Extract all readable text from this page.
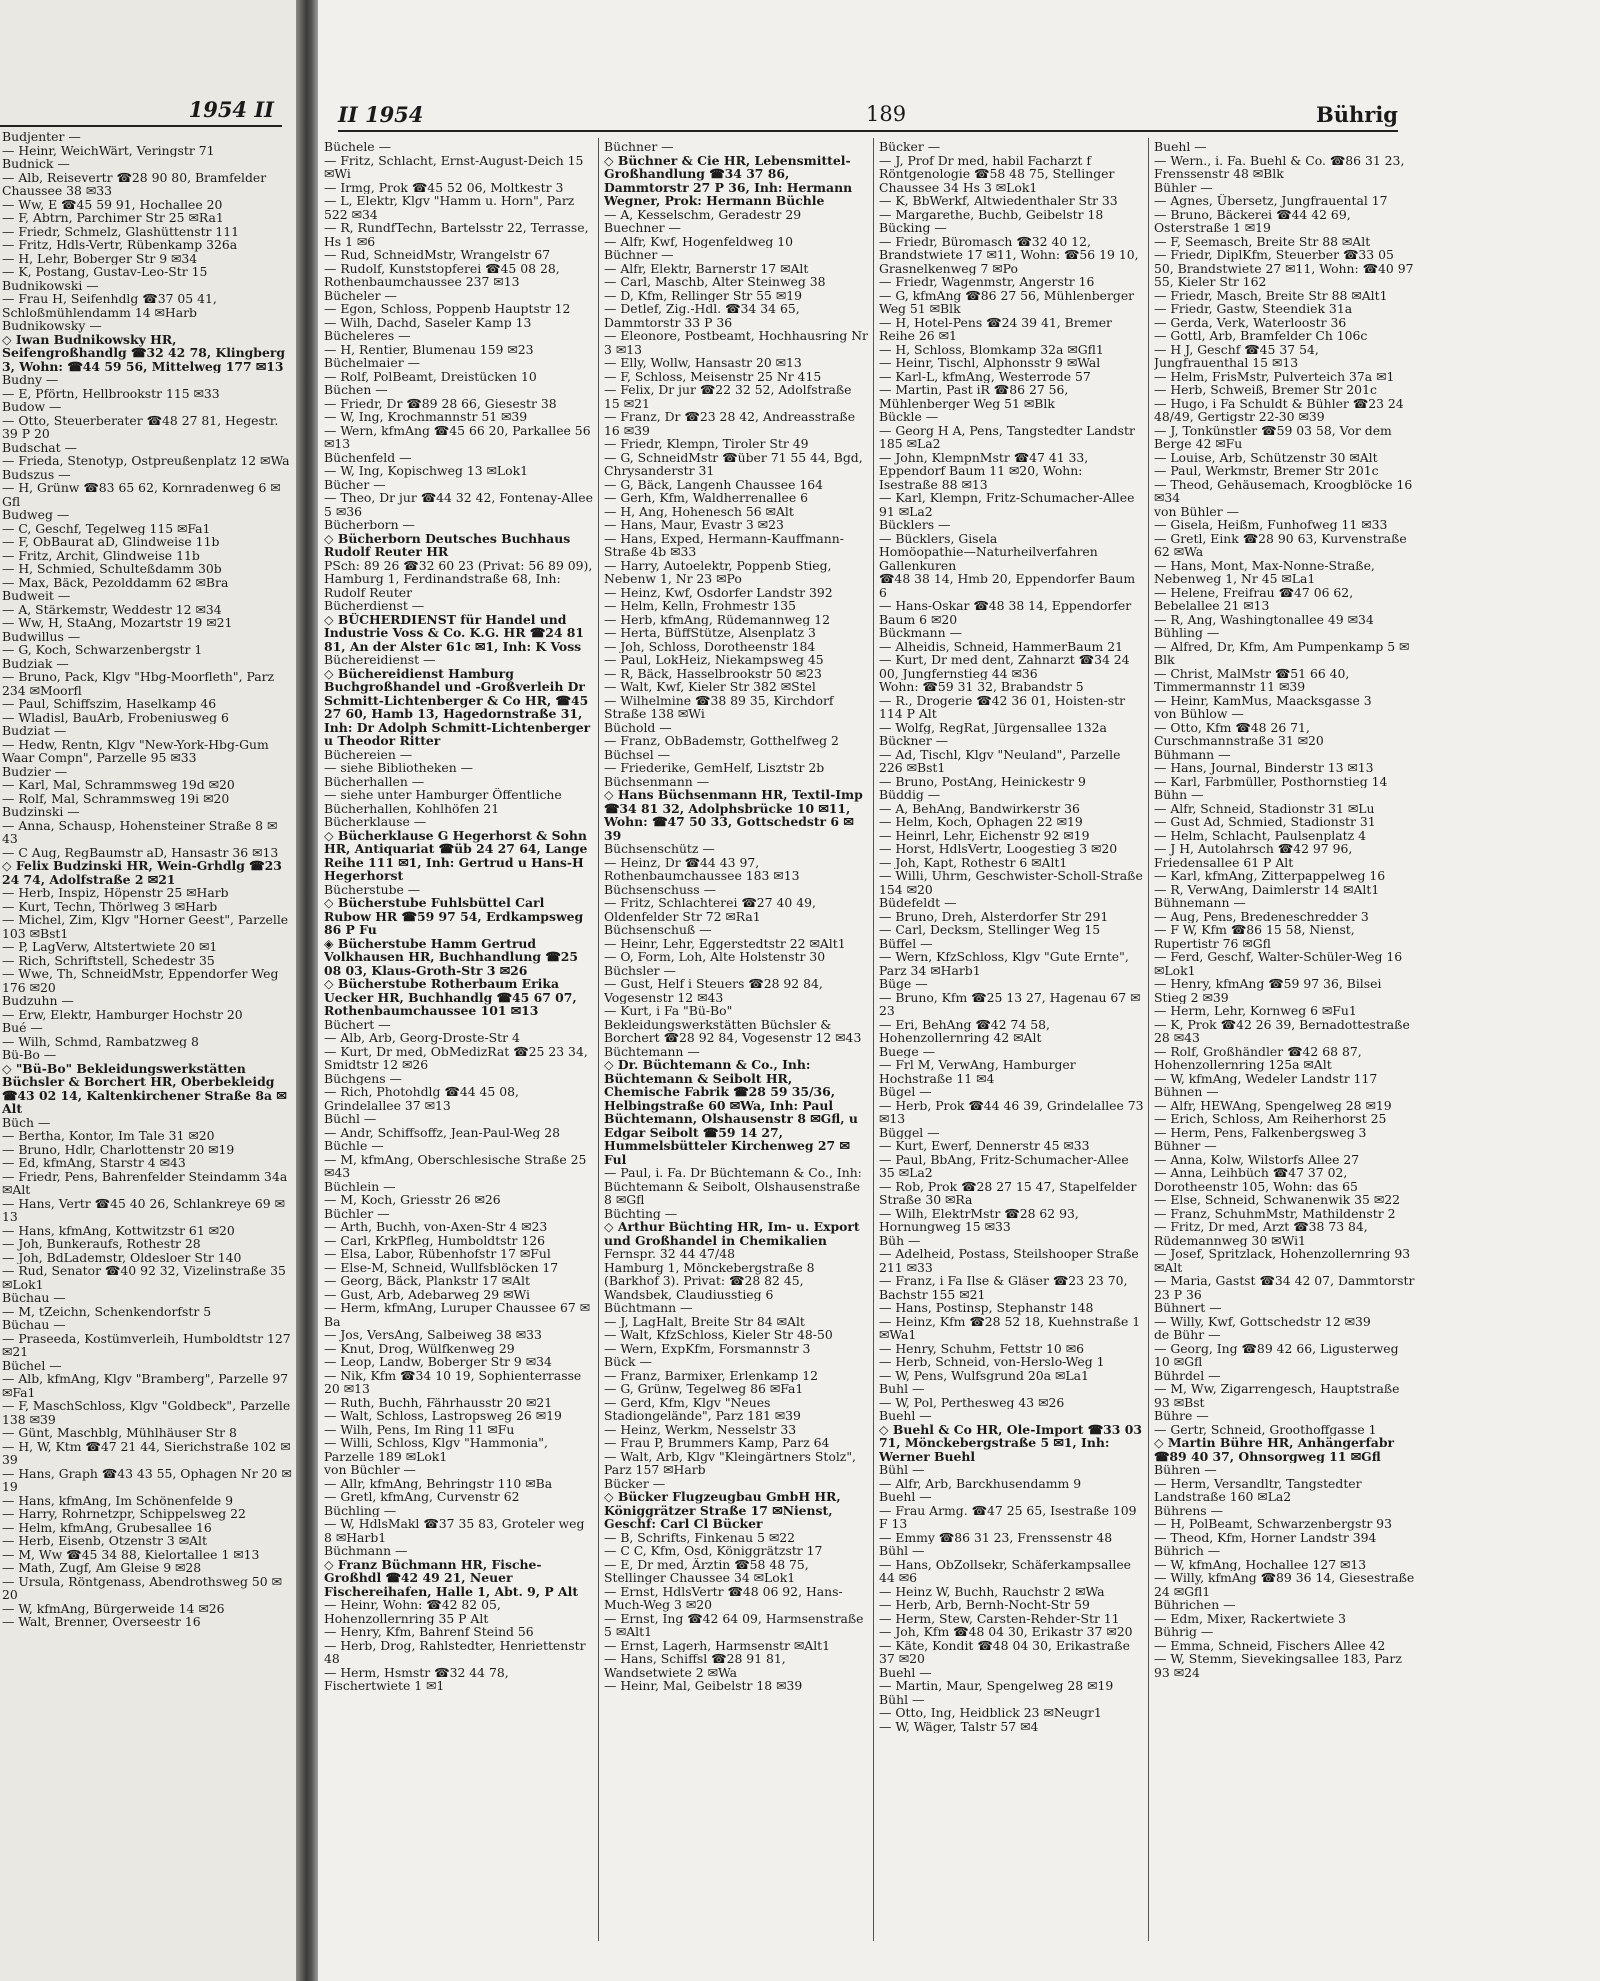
1954 II
Budjenter —
— Heinr, WeichWärt, Veringstr 71
Budnick —
— Alb, Reisevertr ☎28 90 80, Bramfelder Chaussee 38 ✉33
— Ww, E ☎45 59 91, Hochallee 20
— F, Abtrn, Parchimer Str 25 ✉Ra1
— Friedr, Schmelz, Glashüttenstr 111
— Fritz, Hdls-Vertr, Rübenkamp 326a
— H, Lehr, Boberger Str 9 ✉34
— K, Postang, Gustav-Leo-Str 15
Budnikowski —
— Frau H, Seifenhdlg ☎37 05 41, Schloßmühlendamm 14 ✉Harb
Budnikowsky —
◇ Iwan Budnikowsky HR, Seifengroßhandlg ☎32 42 78, Klingberg 3, Wohn: ☎44 59 56, Mittelweg 177 ✉13
Budny —
— E, Pförtn, Hellbrookstr 115 ✉33
Budow —
— Otto, Steuerberater ☎48 27 81, Hegestr. 39 P 20
Budschat —
— Frieda, Stenotyp, Ostpreußenplatz 12 ✉Wa
Budszus —
— H, Grünw ☎83 65 62, Kornradenweg 6 ✉Gfl
Budweg —
— C, Geschf, Tegelweg 115 ✉Fa1
— F, ObBaurat aD, Glindweise 11b
— Fritz, Archit, Glindweise 11b
— H, Schmied, Schulteßdamm 30b
— Max, Bäck, Pezolddamm 62 ✉Bra
Budweit —
— A, Stärkemstr, Weddestr 12 ✉34
— Ww, H, StaAng, Mozartstr 19 ✉21
Budwillus —
— G, Koch, Schwarzenbergstr 1
Budziak —
— Bruno, Pack, Klgv "Hbg-Moorfleth", Parz 234 ✉Moorfl
— Paul, Schiffszim, Haselkamp 46
— Wladisl, BauArb, Frobeniusweg 6
Budziat —
— Hedw, Rentn, Klgv "New-York-Hbg-Gum Waar Compn", Parzelle 95 ✉33
Budzier —
— Karl, Mal, Schrammsweg 19d ✉20
— Rolf, Mal, Schrammsweg 19i ✉20
Budzinski —
— Anna, Schausp, Hohensteiner Straße 8 ✉43
— C Aug, RegBaumstr aD, Hansastr 36 ✉13
◇ Felix Budzinski HR, Wein-Grhdlg ☎23 24 74, Adolfstraße 2 ✉21
— Herb, Inspiz, Höpenstr 25 ✉Harb
— Kurt, Techn, Thörlweg 3 ✉Harb
— Michel, Zim, Klgv "Horner Geest", Parzelle 103 ✉Bst1
— P, LagVerw, Altstertwiete 20 ✉1
— Rich, Schriftstell, Schedestr 35
— Wwe, Th, SchneidMstr, Eppendorfer Weg 176 ✉20
Budzuhn —
— Erw, Elektr, Hamburger Hochstr 20
Bué —
— Wilh, Schmd, Rambatzweg 8
Bü-Bo —
◇ "Bü-Bo" Bekleidungswerkstätten Büchsler & Borchert HR, Oberbekleidg ☎43 02 14, Kaltenkirchener Straße 8a ✉Alt
Büch —
— Bertha, Kontor, Im Tale 31 ✉20
— Bruno, Hdlr, Charlottenstr 20 ✉19
— Ed, kfmAng, Starstr 4 ✉43
— Friedr, Pens, Bahrenfelder Steindamm 34a ✉Alt
— Hans, Vertr ☎45 40 26, Schlankreye 69 ✉13
— Hans, kfmAng, Kottwitzstr 61 ✉20
— Joh, Bunkeraufs, Rothestr 28
— Joh, BdLademstr, Oldesloer Str 140
— Rud, Senator ☎40 92 32, Vizelinstraße 35 ✉Lok1
Büchau —
— M, tZeichn, Schenkendorfstr 5
Büchau —
— Praseeda, Kostümverleih, Humboldtstr 127 ✉21
Büchel —
— Alb, kfmAng, Klgv "Bramberg", Parzelle 97 ✉Fa1
— F, MaschSchloss, Klgv "Goldbeck", Parzelle 138 ✉39
— Günt, Maschblg, Mühlhäuser Str 8
— H, W, Ktm ☎47 21 44, Sierichstraße 102 ✉39
— Hans, Graph ☎43 43 55, Ophagen Nr 20 ✉19
— Hans, kfmAng, Im Schönenfelde 9
— Harry, Rohrnetzpr, Schippelsweg 22
— Helm, kfmAng, Grubesallee 16
— Herb, Eisenb, Otzenstr 3 ✉Alt
— M, Ww ☎45 34 88, Kielortallee 1 ✉13
— Math, Zugf, Am Gleise 9 ✉28
— Ursula, Röntgenass, Abendrothsweg 50 ✉20
— W, kfmAng, Bürgerweide 14 ✉26
— Walt, Brenner, Overseestr 16
II 1954	189	Bührig
Büchele —
— Fritz, Schlacht, Ernst-August-Deich 15 ✉Wi
— Irmg, Prok ☎45 52 06, Moltkestr 3
— L, Elektr, Klgv "Hamm u. Horn", Parz 522 ✉34
— R, RundfTechn, Bartelsstr 22, Terrasse, Hs 1 ✉6
— Rud, SchneidMstr, Wrangelstr 67
— Rudolf, Kunststopferei ☎45 08 28, Rothenbaumchaussee 237 ✉13
Bücheler —
— Egon, Schloss, Poppenb Hauptstr 12
— Wilh, Dachd, Saseler Kamp 13
Bücheleres —
— H, Rentier, Blumenau 159 ✉23
Büchelmaier —
— Rolf, PolBeamt, Dreistücken 10
Büchen —
— Friedr, Dr ☎89 28 66, Giesestr 38
— W, Ing, Krochmannstr 51 ✉39
— Wern, kfmAng ☎45 66 20, Parkallee 56 ✉13
Büchenfeld —
— W, Ing, Kopischweg 13 ✉Lok1
Bücher —
— Theo, Dr jur ☎44 32 42, Fontenay-Allee 5 ✉36
Bücherborn —
◇ Bücherborn Deutsches Buchhaus Rudolf Reuter HR
PSch: 89 26 ☎32 60 23 (Privat: 56 89 09), Hamburg 1, Ferdinandstraße 68, Inh: Rudolf Reuter
Bücherdienst —
◇ BÜCHERDIENST für Handel und Industrie Voss & Co. K.G. HR ☎24 81 81, An der Alster 61c ✉1, Inh: K Voss
Büchereidienst —
◇ Büchereidienst Hamburg Buchgroßhandel und -Großverleih Dr Schmitt-Lichtenberger & Co HR, ☎45 27 60, Hamb 13, Hagedornstraße 31, Inh: Dr Adolph Schmitt-Lichtenberger u Theodor Ritter
Büchereien —
— siehe Bibliotheken —
Bücherhallen —
— siehe unter Hamburger Öffentliche Bücherhallen, Kohlhöfen 21
Bücherklause —
◇ Bücherklause G Hegerhorst & Sohn HR, Antiquariat ☎üb 24 27 64, Lange Reihe 111 ✉1, Inh: Gertrud u Hans-H Hegerhorst
Bücherstube —
◇ Bücherstube Fuhlsbüttel Carl Rubow HR ☎59 97 54, Erdkampsweg 86 P Fu
◈ Bücherstube Hamm Gertrud Volkhausen HR, Buchhandlung ☎25 08 03, Klaus-Groth-Str 3 ✉26
◇ Bücherstube Rotherbaum Erika Uecker HR, Buchhandlg ☎45 67 07, Rothenbaumchaussee 101 ✉13
Büchert —
— Alb, Arb, Georg-Droste-Str 4
— Kurt, Dr med, ObMedizRat ☎25 23 34, Smidtstr 12 ✉26
Büchgens —
— Rich, Photohdlg ☎44 45 08, Grindelallee 37 ✉13
Büchl —
— Andr, Schiffsoffz, Jean-Paul-Weg 28
Büchle —
— M, kfmAng, Oberschlesische Straße 25 ✉43
Büchlein —
— M, Koch, Griesstr 26 ✉26
Büchler —
— Arth, Buchh, von-Axen-Str 4 ✉23
— Carl, KrkPfleg, Humboldtstr 126
— Elsa, Labor, Rübenhofstr 17 ✉Ful
— Else-M, Schneid, Wullfsblöcken 17
— Georg, Bäck, Plankstr 17 ✉Alt
— Gust, Arb, Adebarweg 29 ✉Wi
— Herm, kfmAng, Luruper Chaussee 67 ✉Ba
— Jos, VersAng, Salbeiweg 38 ✉33
— Knut, Drog, Wülfkenweg 29
— Leop, Landw, Boberger Str 9 ✉34
— Nik, Kfm ☎34 10 19, Sophienterrasse 20 ✉13
— Ruth, Buchh, Fährhausstr 20 ✉21
— Walt, Schloss, Lastropsweg 26 ✉19
— Wilh, Pens, Im Ring 11 ✉Fu
— Willi, Schloss, Klgv "Hammonia", Parzelle 189 ✉Lok1
von Büchler —
— Allr, kfmAng, Behringstr 110 ✉Ba
— Gretl, kfmAng, Curvenstr 62
Büchling —
— W, HdlsMakl ☎37 35 83, Groteler weg 8 ✉Harb1
Büchmann —
◇ Franz Büchmann HR, Fische-Großhdl ☎42 49 21, Neuer Fischereihafen, Halle 1, Abt. 9, P Alt
— Heinr, Wohn: ☎42 82 05, Hohenzollernring 35 P Alt
— Henry, Kfm, Bahrenf Steind 56
— Herb, Drog, Rahlstedter, Henriettenstr 48
— Herm, Hsmstr ☎32 44 78, Fischertwiete 1 ✉1
Büchner —
◇ Büchner & Cie HR, Lebensmittel-Großhandlung ☎34 37 86, Dammtorstr 27 P 36, Inh: Hermann Wegner, Prok: Hermann Büchle
— A, Kesselschm, Geradestr 29
Buechner —
— Alfr, Kwf, Hogenfeldweg 10
Büchner —
— Alfr, Elektr, Barnerstr 17 ✉Alt
— Carl, Maschb, Alter Steinweg 38
— D, Kfm, Rellinger Str 55 ✉19
— Detlef, Zig.-Hdl. ☎34 34 65, Dammtorstr 33 P 36
— Eleonore, Postbeamt, Hochhausring Nr 3 ✉13
— Elly, Wollw, Hansastr 20 ✉13
— F, Schloss, Meisenstr 25 Nr 415
— Felix, Dr jur ☎22 32 52, Adolfstraße 15 ✉21
— Franz, Dr ☎23 28 42, Andreasstraße 16 ✉39
— Friedr, Klempn, Tiroler Str 49
— G, SchneidMstr ☎über 71 55 44, Bgd, Chrysanderstr 31
— G, Bäck, Langenh Chaussee 164
— Gerh, Kfm, Waldherrenallee 6
— H, Ang, Hohenesch 56 ✉Alt
— Hans, Maur, Evastr 3 ✉23
— Hans, Exped, Hermann-Kauffmann-Straße 4b ✉33
— Harry, Autoelektr, Poppenb Stieg, Nebenw 1, Nr 23 ✉Po
— Heinz, Kwf, Osdorfer Landstr 392
— Helm, Kelln, Frohmestr 135
— Herb, kfmAng, Rüdemannweg 12
— Herta, BüffStütze, Alsenplatz 3
— Joh, Schloss, Dorotheenstr 184
— Paul, LokHeiz, Niekampsweg 45
— R, Bäck, Hasselbrookstr 50 ✉23
— Walt, Kwf, Kieler Str 382 ✉Stel
— Wilhelmine ☎38 89 35, Kirchdorf Straße 138 ✉Wi
Büchold —
— Franz, ObBademstr, Gotthelfweg 2
Büchsel —
— Friederike, GemHelf, Lisztstr 2b
Büchsenmann —
◇ Hans Büchsenmann HR, Textil-Imp ☎34 81 32, Adolphsbrücke 10 ✉11, Wohn: ☎47 50 33, Gottschedstr 6 ✉39
Büchsenschütz —
— Heinz, Dr ☎44 43 97, Rothenbaumchaussee 183 ✉13
Büchsenschuss —
— Fritz, Schlachterei ☎27 40 49, Oldenfelder Str 72 ✉Ra1
Büchsenschuß —
— Heinr, Lehr, Eggerstedtstr 22 ✉Alt1
— O, Form, Loh, Alte Holstenstr 30
Büchsler —
— Gust, Helf i Steuers ☎28 92 84, Vogesenstr 12 ✉43
— Kurt, i Fa "Bü-Bo" Bekleidungswerkstätten Büchsler & Borchert ☎28 92 84, Vogesenstr 12 ✉43
Büchtemann —
◇ Dr. Büchtemann & Co., Inh: Büchtemann & Seibolt HR, Chemische Fabrik ☎28 59 35/36, Helbingstraße 60 ✉Wa, Inh: Paul Büchtemann, Olshausenstr 8 ✉Gfl, u Edgar Seibolt ☎59 14 27, Hummelsbütteler Kirchenweg 27 ✉Ful
— Paul, i. Fa. Dr Büchtemann & Co., Inh: Büchtemann & Seibolt, Olshausenstraße 8 ✉Gfl
Büchting —
◇ Arthur Büchting HR, Im- u. Export und Großhandel in Chemikalien
Fernspr. 32 44 47/48
Hamburg 1, Mönckebergstraße 8 (Barkhof 3). Privat: ☎28 82 45, Wandsbek, Claudiusstieg 6
Büchtmann —
— J, LagHalt, Breite Str 84 ✉Alt
— Walt, KfzSchloss, Kieler Str 48-50
— Wern, ExpKfm, Forsmannstr 3
Bück —
— Franz, Barmixer, Erlenkamp 12
— G, Grünw, Tegelweg 86 ✉Fa1
— Gerd, Kfm, Klgv "Neues Stadiongelände", Parz 181 ✉39
— Heinz, Werkm, Nesselstr 33
— Frau P, Brummers Kamp, Parz 64
— Walt, Arb, Klgv "Kleingärtners Stolz", Parz 157 ✉Harb
Bücker —
◇ Bücker Flugzeugbau GmbH HR, Königgrätzer Straße 17 ✉Nienst, Geschf: Carl Cl Bücker
— B, Schrifts, Finkenau 5 ✉22
— C C, Kfm, Osd, Königgrätzstr 17
— E, Dr med, Ärztin ☎58 48 75, Stellinger Chaussee 34 ✉Lok1
— Ernst, HdlsVertr ☎48 06 92, Hans-Much-Weg 3 ✉20
— Ernst, Ing ☎42 64 09, Harmsenstraße 5 ✉Alt1
— Ernst, Lagerh, Harmsenstr ✉Alt1
— Hans, Schiffsl ☎28 91 81, Wandsetwiete 2 ✉Wa
— Heinr, Mal, Geibelstr 18 ✉39
Bücker —
— J, Prof Dr med, habil Facharzt f Röntgenologie ☎58 48 75, Stellinger Chaussee 34 Hs 3 ✉Lok1
— K, BbWerkf, Altwiedenthaler Str 33
— Margarethe, Buchb, Geibelstr 18
Bücking —
— Friedr, Büromasch ☎32 40 12, Brandstwiete 17 ✉11, Wohn: ☎56 19 10, Grasnelkenweg 7 ✉Po
— Friedr, Wagenmstr, Angerstr 16
— G, kfmAng ☎86 27 56, Mühlenberger Weg 51 ✉Blk
— H, Hotel-Pens ☎24 39 41, Bremer Reihe 26 ✉1
— H, Schloss, Blomkamp 32a ✉Gfl1
— Heinr, Tischl, Alphonsstr 9 ✉Wal
— Karl-L, kfmAng, Westerrode 57
— Martin, Past iR ☎86 27 56, Mühlenberger Weg 51 ✉Blk
Bückle —
— Georg H A, Pens, Tangstedter Landstr 185 ✉La2
— John, KlempnMstr ☎47 41 33, Eppendorf Baum 11 ✉20, Wohn: Isestraße 88 ✉13
— Karl, Klempn, Fritz-Schumacher-Allee 91 ✉La2
Bücklers —
— Bücklers, Gisela
Homöopathie—Naturheilverfahren Gallenkuren
☎48 38 14, Hmb 20, Eppendorfer Baum 6
— Hans-Oskar ☎48 38 14, Eppendorfer Baum 6 ✉20
Bückmann —
— Alheidis, Schneid, HammerBaum 21
— Kurt, Dr med dent, Zahnarzt ☎34 24 00, Jungfernstieg 44 ✉36
Wohn: ☎59 31 32, Brabandstr 5
— R., Drogerie ☎42 36 01, Hoisten-str 114 P Alt
— Wolfg, RegRat, Jürgensallee 132a
Bückner —
— Ad, Tischl, Klgv "Neuland", Parzelle 226 ✉Bst1
— Bruno, PostAng, Heinickestr 9
Büddig —
— A, BehAng, Bandwirkerstr 36
— Helm, Koch, Ophagen 22 ✉19
— Heinrl, Lehr, Eichenstr 92 ✉19
— Horst, HdlsVertr, Loogestieg 3 ✉20
— Joh, Kapt, Rothestr 6 ✉Alt1
— Willi, Uhrm, Geschwister-Scholl-Straße 154 ✉20
Büdefeldt —
— Bruno, Dreh, Alsterdorfer Str 291
— Carl, Decksm, Stellinger Weg 15
Büffel —
— Wern, KfzSchloss, Klgv "Gute Ernte", Parz 34 ✉Harb1
Büge —
— Bruno, Kfm ☎25 13 27, Hagenau 67 ✉23
— Eri, BehAng ☎42 74 58, Hohenzollernring 42 ✉Alt
Buege —
— Frl M, VerwAng, Hamburger Hochstraße 11 ✉4
Bügel —
— Herb, Prok ☎44 46 39, Grindelallee 73 ✉13
Büggel —
— Kurt, Ewerf, Dennerstr 45 ✉33
— Paul, BbAng, Fritz-Schumacher-Allee 35 ✉La2
— Rob, Prok ☎28 27 15 47, Stapelfelder Straße 30 ✉Ra
— Wilh, ElektrMstr ☎28 62 93, Hornungweg 15 ✉33
Büh —
— Adelheid, Postass, Steilshooper Straße 211 ✉33
— Franz, i Fa Ilse & Gläser ☎23 23 70, Bachstr 155 ✉21
— Hans, Postinsp, Stephanstr 148
— Heinz, Kfm ☎28 52 18, Kuehnstraße 1 ✉Wa1
— Henry, Schuhm, Fettstr 10 ✉6
— Herb, Schneid, von-Herslo-Weg 1
— W, Pens, Wulfsgrund 20a ✉La1
Buhl —
— W, Pol, Perthesweg 43 ✉26
Buehl —
◇ Buehl & Co HR, Ole-Import ☎33 03 71, Mönckebergstraße 5 ✉1, Inh: Werner Buehl
Bühl —
— Alfr, Arb, Barckhusendamm 9
Buehl —
— Frau Armg. ☎47 25 65, Isestraße 109 F 13
— Emmy ☎86 31 23, Frenssenstr 48
Bühl —
— Hans, ObZollsekr, Schäferkampsallee 44 ✉6
— Heinz W, Buchh, Rauchstr 2 ✉Wa
— Herb, Arb, Bernh-Nocht-Str 59
— Herm, Stew, Carsten-Rehder-Str 11
— Joh, Kfm ☎48 04 30, Erikastr 37 ✉20
— Käte, Kondit ☎48 04 30, Erikastraße 37 ✉20
Buehl —
— Martin, Maur, Spengelweg 28 ✉19
Bühl —
— Otto, Ing, Heidblick 23 ✉Neugr1
— W, Wäger, Talstr 57 ✉4
Buehl —
— Wern., i. Fa. Buehl & Co. ☎86 31 23, Frenssenstr 48 ✉Blk
Bühler —
— Agnes, Übersetz, Jungfrauental 17
— Bruno, Bäckerei ☎44 42 69, Osterstraße 1 ✉19
— F, Seemasch, Breite Str 88 ✉Alt
— Friedr, DiplKfm, Steuerber ☎33 05 50, Brandstwiete 27 ✉11, Wohn: ☎40 97 55, Kieler Str 162
— Friedr, Masch, Breite Str 88 ✉Alt1
— Friedr, Gastw, Steendiek 31a
— Gerda, Verk, Waterloostr 36
— Gottl, Arb, Bramfelder Ch 106c
— H J, Geschf ☎45 37 54, Jungfrauenthal 15 ✉13
— Helm, FrisMstr, Pulverteich 37a ✉1
— Herb, Schweiß, Bremer Str 201c
— Hugo, i Fa Schuldt & Bühler ☎23 24 48/49, Gertigstr 22-30 ✉39
— J, Tonkünstler ☎59 03 58, Vor dem Berge 42 ✉Fu
— Louise, Arb, Schützenstr 30 ✉Alt
— Paul, Werkmstr, Bremer Str 201c
— Theod, Gehäusemach, Kroogblöcke 16 ✉34
von Bühler —
— Gisela, Heißm, Funhofweg 11 ✉33
— Gretl, Eink ☎28 90 63, Kurvenstraße 62 ✉Wa
— Hans, Mont, Max-Nonne-Straße, Nebenweg 1, Nr 45 ✉La1
— Helene, Freifrau ☎47 06 62, Bebelallee 21 ✉13
— R, Ang, Washingtonallee 49 ✉34
Bühling —
— Alfred, Dr, Kfm, Am Pumpenkamp 5 ✉Blk
— Christ, MalMstr ☎51 66 40, Timmermannstr 11 ✉39
— Heinr, KamMus, Maacksgasse 3
von Bühlow —
— Otto, Kfm ☎48 26 71, Curschmannstraße 31 ✉20
Bühmann —
— Hans, Journal, Binderstr 13 ✉13
— Karl, Farbmüller, Posthornstieg 14
Bühn —
— Alfr, Schneid, Stadionstr 31 ✉Lu
— Gust Ad, Schmied, Stadionstr 31
— Helm, Schlacht, Paulsenplatz 4
— J H, Autolahrsch ☎42 97 96, Friedensallee 61 P Alt
— Karl, kfmAng, Zitterpappelweg 16
— R, VerwAng, Daimlerstr 14 ✉Alt1
Bühnemann —
— Aug, Pens, Bredeneschredder 3
— F W, Kfm ☎86 15 58, Nienst, Rupertistr 76 ✉Gfl
— Ferd, Geschf, Walter-Schüler-Weg 16 ✉Lok1
— Henry, kfmAng ☎59 97 36, Bilsei Stieg 2 ✉39
— Herm, Lehr, Kornweg 6 ✉Fu1
— K, Prok ☎42 26 39, Bernadottestraße 28 ✉43
— Rolf, Großhändler ☎42 68 87, Hohenzollernring 125a ✉Alt
— W, kfmAng, Wedeler Landstr 117
Bühnen —
— Alfr, HEWAng, Spengelweg 28 ✉19
— Erich, Schloss, Am Reiherhorst 25
— Herm, Pens, Falkenbergsweg 3
Bühner —
— Anna, Kolw, Wilstorfs Allee 27
— Anna, Leihbüch ☎47 37 02, Dorotheenstr 105, Wohn: das 65
— Else, Schneid, Schwanenwik 35 ✉22
— Franz, SchuhmMstr, Mathildenstr 2
— Fritz, Dr med, Arzt ☎38 73 84, Rüdemannweg 30 ✉Wi1
— Josef, Spritzlack, Hohenzollernring 93 ✉Alt
— Maria, Gastst ☎34 42 07, Dammtorstr 23 P 36
Bühnert —
— Willy, Kwf, Gottschedstr 12 ✉39
de Bühr —
— Georg, Ing ☎89 42 66, Ligusterweg 10 ✉Gfl
Bührdel —
— M, Ww, Zigarrengesch, Hauptstraße 93 ✉Bst
Bühre —
— Gertr, Schneid, Groothoffgasse 1
◇ Martin Bühre HR, Anhängerfabr ☎89 40 37, Ohnsorgweg 11 ✉Gfl
Bühren —
— Herm, Versandltr, Tangstedter Landstraße 160 ✉La2
Bührens —
— H, PolBeamt, Schwarzenbergstr 93
— Theod, Kfm, Horner Landstr 394
Bührich —
— W, kfmAng, Hochallee 127 ✉13
— Willy, kfmAng ☎89 36 14, Giesestraße 24 ✉Gfl1
Bührichen —
— Edm, Mixer, Rackertwiete 3
Bührig —
— Emma, Schneid, Fischers Allee 42
— W, Stemm, Sievekingsallee 183, Parz 93 ✉24
